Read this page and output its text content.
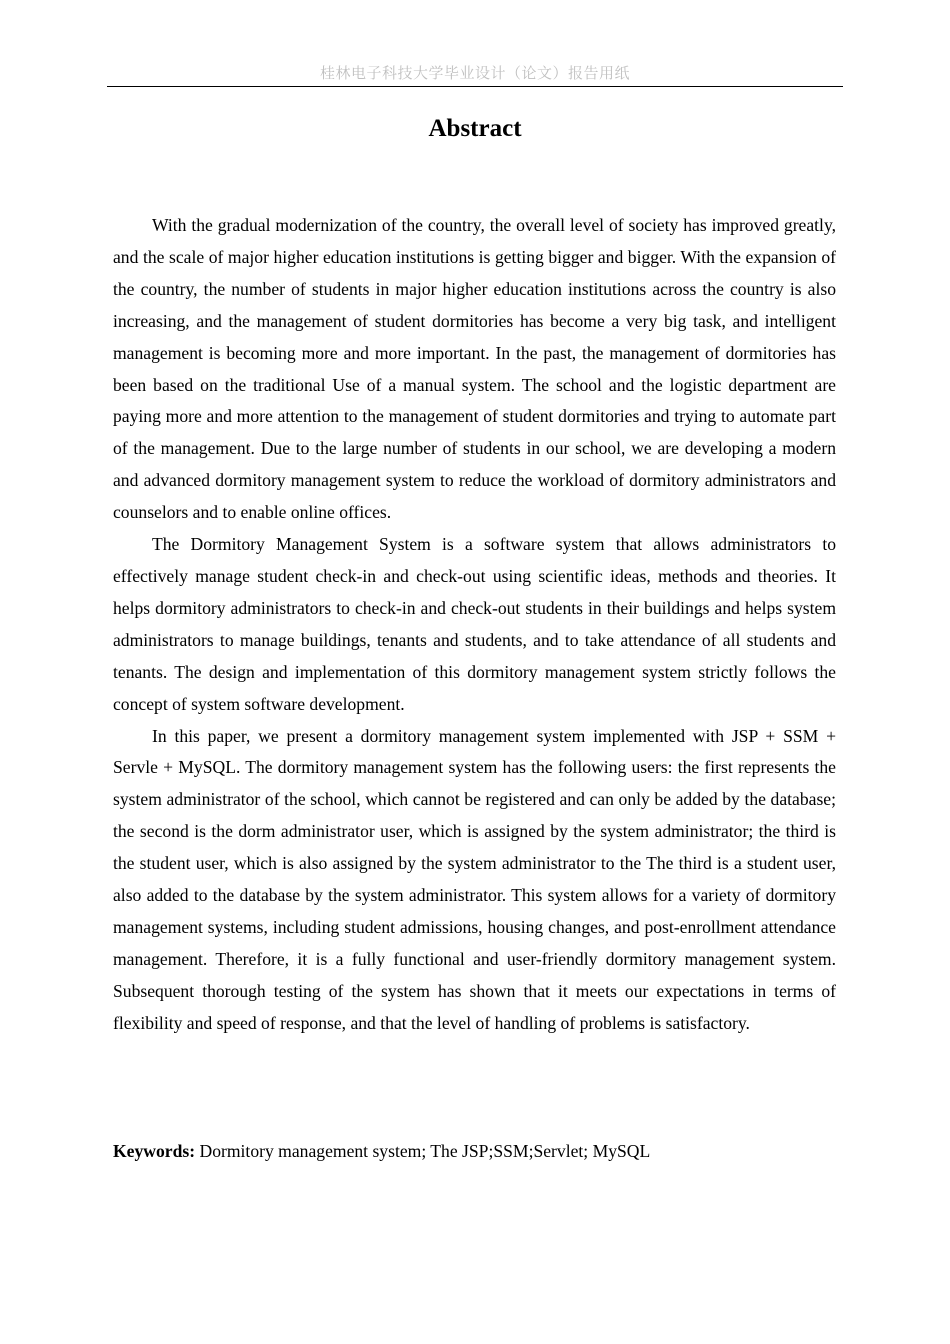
桂林电子科技大学毕业设计（论文）报告用纸
Abstract

With the gradual modernization of the country, the overall level of society has improved greatly, and the scale of major higher education institutions is getting bigger and bigger. With the expansion of the country, the number of students in major higher education institutions across the country is also increasing, and the management of student dormitories has become a very big task, and intelligent management is becoming more and more important. In the past, the management of dormitories has been based on the traditional Use of a manual system. The school and the logistic department are paying more and more attention to the management of student dormitories and trying to automate part of the management. Due to the large number of students in our school, we are developing a modern and advanced dormitory management system to reduce the workload of dormitory administrators and counselors and to enable online offices.

The Dormitory Management System is a software system that allows administrators to effectively manage student check-in and check-out using scientific ideas, methods and theories. It helps dormitory administrators to check-in and check-out students in their buildings and helps system administrators to manage buildings, tenants and students, and to take attendance of all students and tenants. The design and implementation of this dormitory management system strictly follows the concept of system software development.

In this paper, we present a dormitory management system implemented with JSP + SSM + Servle + MySQL. The dormitory management system has the following users: the first represents the system administrator of the school, which cannot be registered and can only be added by the database; the second is the dorm administrator user, which is assigned by the system administrator; the third is the student user, which is also assigned by the system administrator to the The third is a student user, also added to the database by the system administrator. This system allows for a variety of dormitory management systems, including student admissions, housing changes, and post-enrollment attendance management. Therefore, it is a fully functional and user-friendly dormitory management system. Subsequent thorough testing of the system has shown that it meets our expectations in terms of flexibility and speed of response, and that the level of handling of problems is satisfactory.

Keywords: Dormitory management system; The JSP;SSM;Servlet; MySQL
